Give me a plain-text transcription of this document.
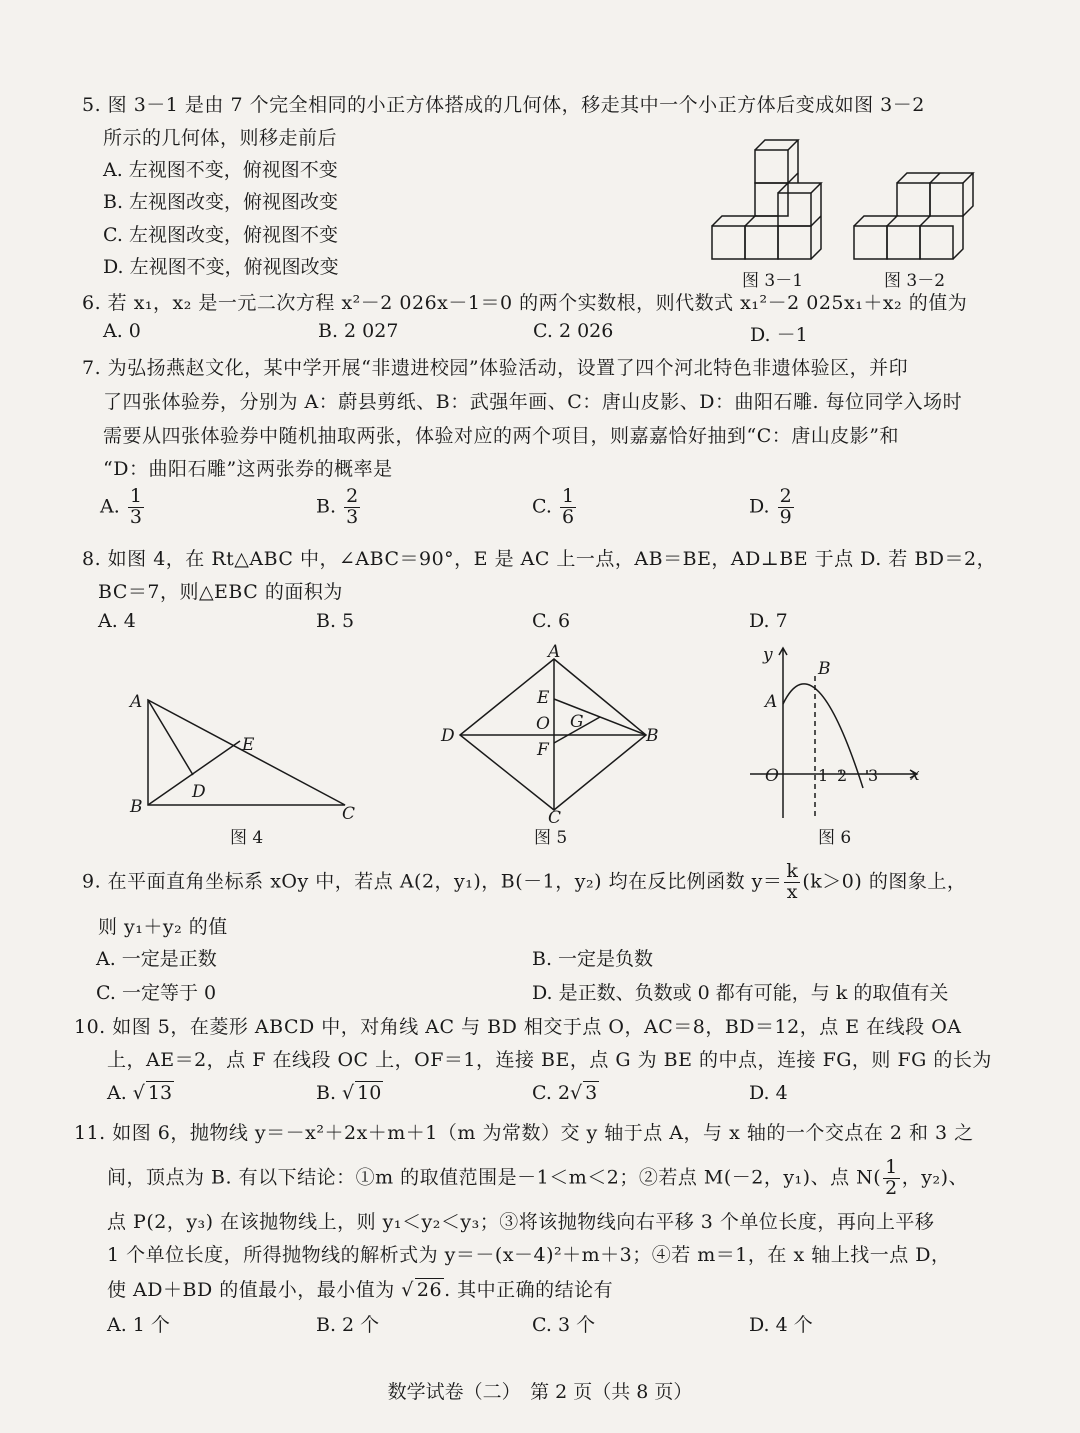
5. 图 3－1 是由 7 个完全相同的小正方体搭成的几何体，移走其中一个小正方体后变成如图 3－2
所示的几何体，则移走前后
A. 左视图不变，俯视图不变
B. 左视图改变，俯视图改变
C. 左视图改变，俯视图不变
D. 左视图不变，俯视图改变
图 3－1	图 3－2
6. 若 x₁，x₂ 是一元二次方程 x²－2 026x－1＝0 的两个实数根，则代数式 x₁²－2 025x₁＋x₂ 的值为
A. 0	B. 2 027	C. 2 026	D. －1
7. 为弘扬燕赵文化，某中学开展“非遗进校园”体验活动，设置了四个河北特色非遗体验区，并印
了四张体验券，分别为 A：蔚县剪纸、B：武强年画、C：唐山皮影、D：曲阳石雕. 每位同学入场时
需要从四张体验券中随机抽取两张，体验对应的两个项目，则嘉嘉恰好抽到“C：唐山皮影”和
“D：曲阳石雕”这两张券的概率是
A. $\frac{1}{3}$	B. $\frac{2}{3}$	C. $\frac{1}{6}$	D. $\frac{2}{9}$
8. 如图 4，在 Rt△ABC 中，∠ABC＝90°，E 是 AC 上一点，AB＝BE，AD⊥BE 于点 D. 若 BD＝2，
BC＝7，则△EBC 的面积为
A. 4	B. 5	C. 6	D. 7
A
B	C
D
E
图 4
A
B
C
D
E
O
F
G
图 5
y
x
O
A
B
1 2 3
图 6
9. 在平面直角坐标系 xOy 中，若点 A(2，y₁)，B(－1，y₂) 均在反比例函数 $y= \frac{k}{x} (k>0)$ 的图象上，
则 y₁＋y₂ 的值
A. 一定是正数	B. 一定是负数
C. 一定等于 0	D. 是正数、负数或 0 都有可能，与 k 的取值有关
10. 如图 5，在菱形 ABCD 中，对角线 AC 与 BD 相交于点 O，AC＝8，BD＝12，点 E 在线段 OA
上，AE＝2，点 F 在线段 OC 上，OF＝1，连接 BE，点 G 为 BE 的中点，连接 FG，则 FG 的长为
A. √ 13	B. √ 10	C. 2√ 3	D. 4
11. 如图 6，抛物线 y＝－x²＋2x＋m＋1（m 为常数）交 y 轴于点 A，与 x 轴的一个交点在 2 和 3 之
间，顶点为 B. 有以下结论：①m 的取值范围是－1＜m＜2；②若点 M(－2，y₁)、点 $N( \frac{1}{2}$ ，y₂)、
点 P(2，y₃) 在该抛物线上，则 y₁＜y₂＜y₃；③将该抛物线向右平移 3 个单位长度，再向上平移
1 个单位长度，所得抛物线的解析式为 y＝－(x－4)²＋m＋3；④若 m＝1，在 x 轴上找一点 D，
使 AD＋BD 的值最小，最小值为 √ 26 . 其中正确的结论有
A. 1 个	B. 2 个	C. 3 个	D. 4 个
数学试卷（二）　第 2 页（共 8 页）
